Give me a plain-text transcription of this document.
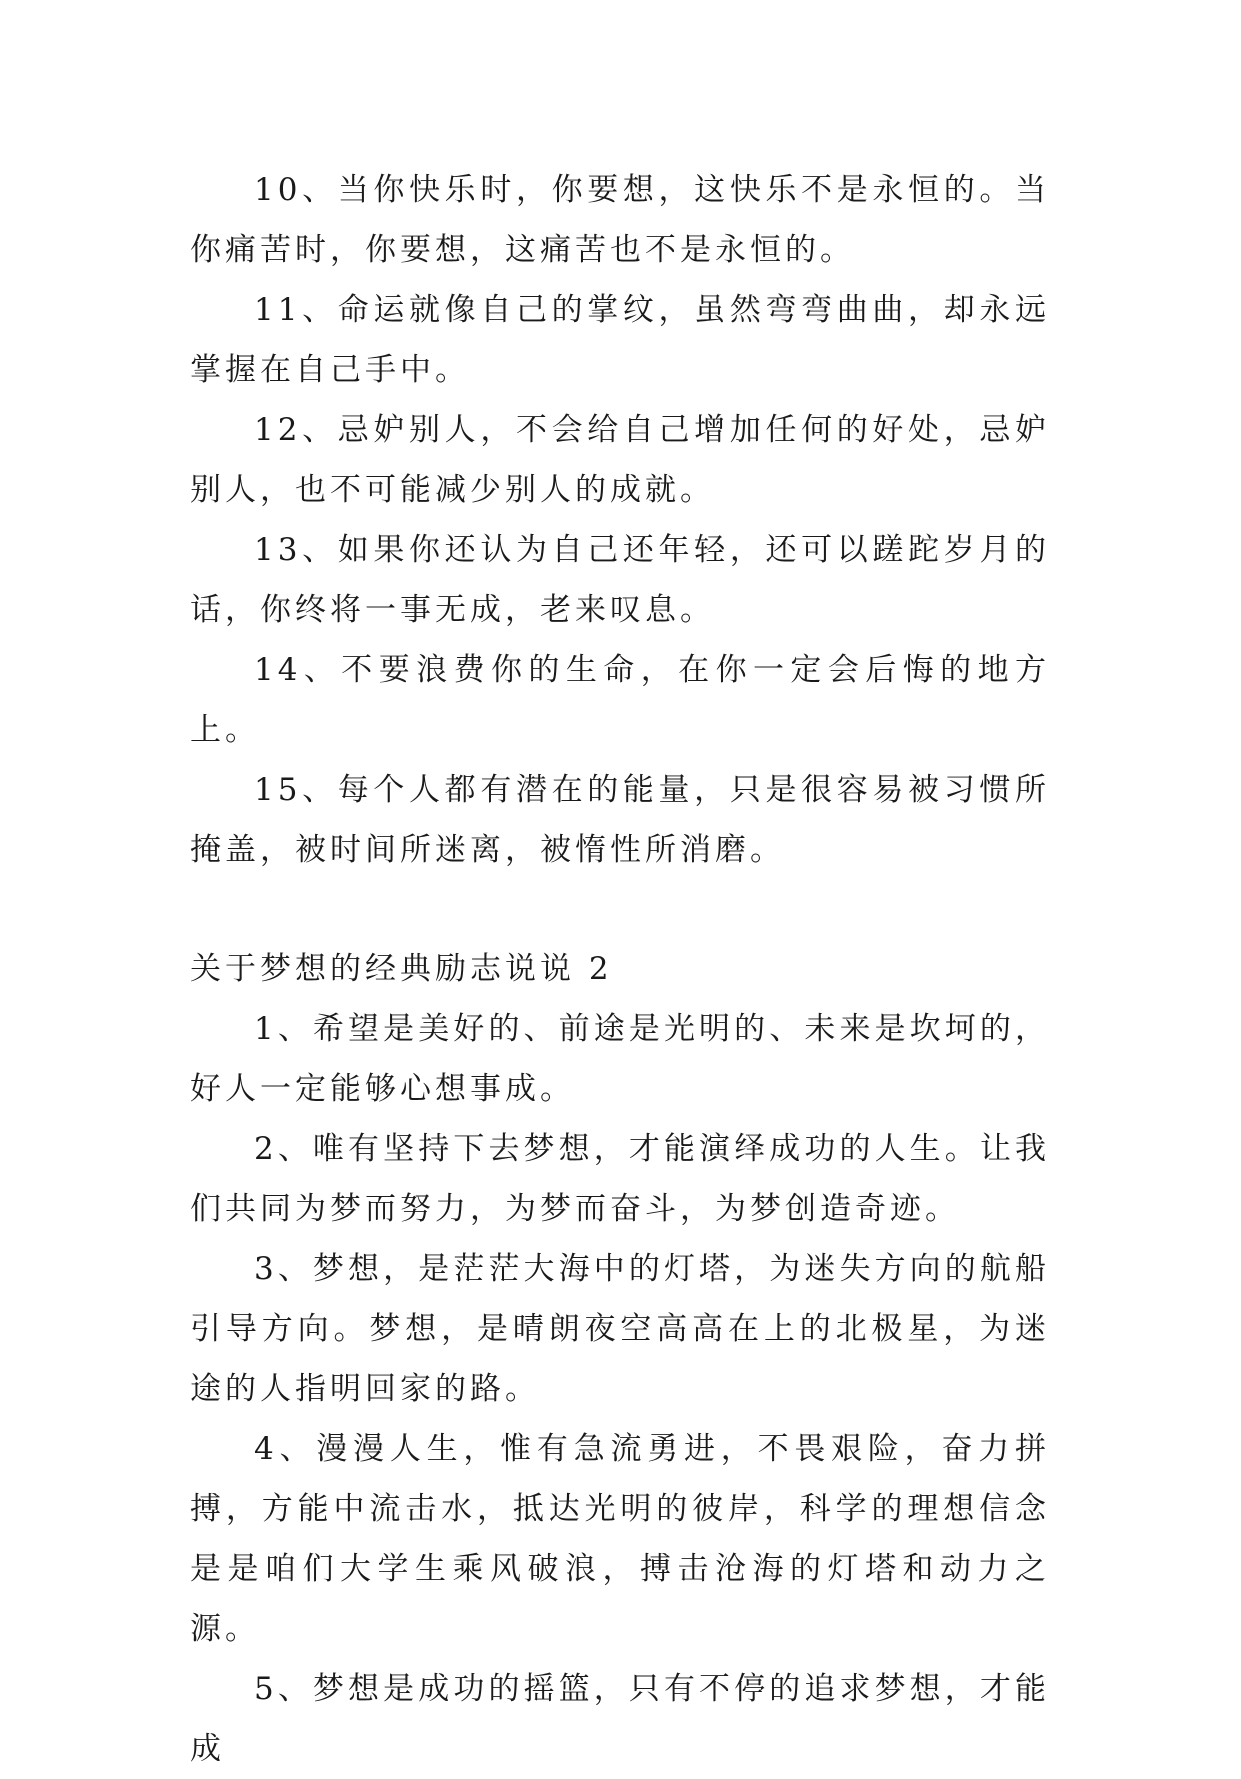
10、当你快乐时，你要想，这快乐不是永恒的。当你痛苦时，你要想，这痛苦也不是永恒的。

11、命运就像自己的掌纹，虽然弯弯曲曲，却永远掌握在自己手中。

12、忌妒别人，不会给自己增加任何的好处，忌妒别人，也不可能减少别人的成就。

13、如果你还认为自己还年轻，还可以蹉跎岁月的话，你终将一事无成，老来叹息。

14、不要浪费你的生命，在你一定会后悔的地方上。

15、每个人都有潜在的能量，只是很容易被习惯所掩盖，被时间所迷离，被惰性所消磨。

关于梦想的经典励志说说 2

1、希望是美好的、前途是光明的、未来是坎坷的，好人一定能够心想事成。

2、唯有坚持下去梦想，才能演绎成功的人生。让我们共同为梦而努力，为梦而奋斗，为梦创造奇迹。

3、梦想，是茫茫大海中的灯塔，为迷失方向的航船引导方向。梦想，是晴朗夜空高高在上的北极星，为迷途的人指明回家的路。

4、漫漫人生，惟有急流勇进，不畏艰险，奋力拼搏，方能中流击水，抵达光明的彼岸，科学的理想信念是是咱们大学生乘风破浪，搏击沧海的灯塔和动力之源。

5、梦想是成功的摇篮，只有不停的追求梦想，才能成
